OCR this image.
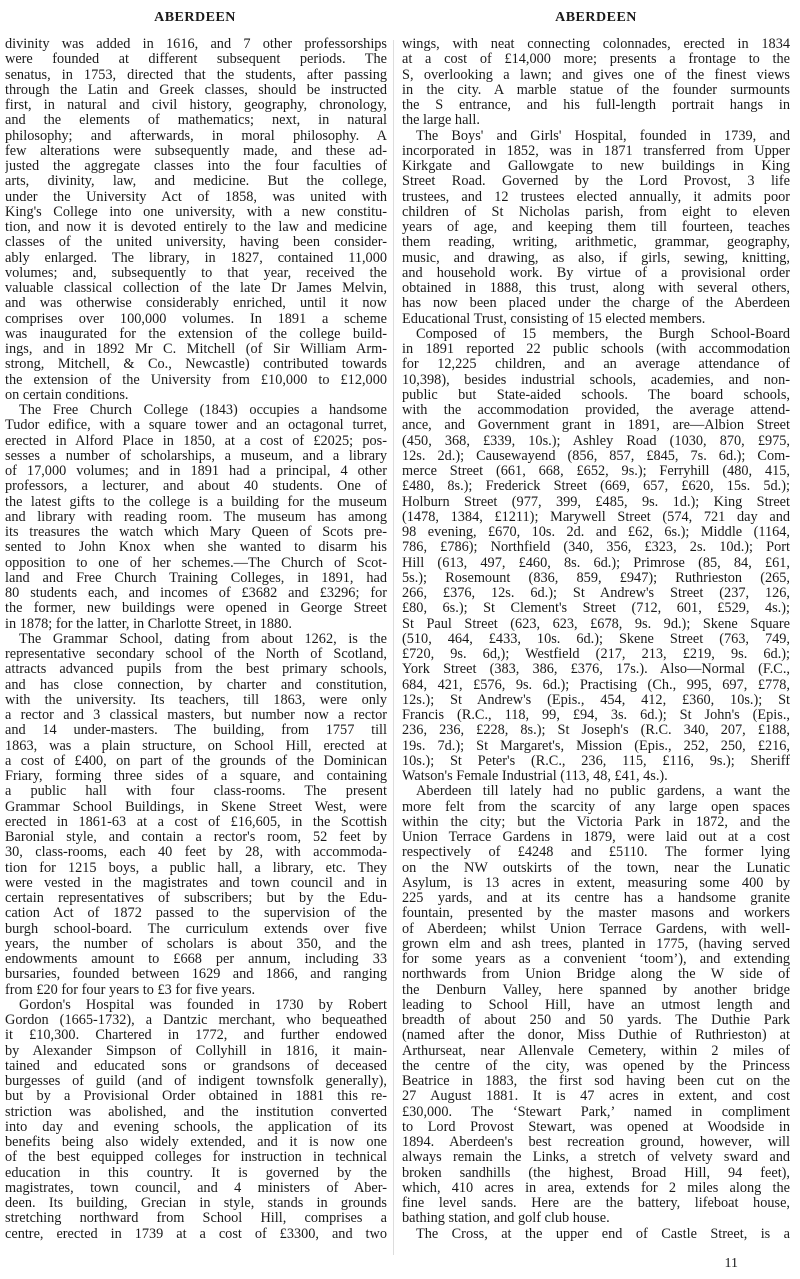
ABERDEEN	ABERDEEN
divinity was added in 1616, and 7 other professorships
were founded at different subsequent periods. The
senatus, in 1753, directed that the students, after passing
through the Latin and Greek classes, should be instructed
first, in natural and civil history, geography, chronology,
and the elements of mathematics; next, in natural
philosophy; and afterwards, in moral philosophy. A
few alterations were subsequently made, and these ad-
justed the aggregate classes into the four faculties of
arts, divinity, law, and medicine. But the college,
under the University Act of 1858, was united with
King's College into one university, with a new constitu-
tion, and now it is devoted entirely to the law and medicine
classes of the united university, having been consider-
ably enlarged. The library, in 1827, contained 11,000
volumes; and, subsequently to that year, received the
valuable classical collection of the late Dr James Melvin,
and was otherwise considerably enriched, until it now
comprises over 100,000 volumes. In 1891 a scheme
was inaugurated for the extension of the college build-
ings, and in 1892 Mr C. Mitchell (of Sir William Arm-
strong, Mitchell, & Co., Newcastle) contributed towards
the extension of the University from £10,000 to £12,000
on certain conditions.
The Free Church College (1843) occupies a handsome
Tudor edifice, with a square tower and an octagonal turret,
erected in Alford Place in 1850, at a cost of £2025; pos-
sesses a number of scholarships, a museum, and a library
of 17,000 volumes; and in 1891 had a principal, 4 other
professors, a lecturer, and about 40 students. One of
the latest gifts to the college is a building for the museum
and library with reading room. The museum has among
its treasures the watch which Mary Queen of Scots pre-
sented to John Knox when she wanted to disarm his
opposition to one of her schemes.—The Church of Scot-
land and Free Church Training Colleges, in 1891, had
80 students each, and incomes of £3682 and £3296; for
the former, new buildings were opened in George Street
in 1878; for the latter, in Charlotte Street, in 1880.
The Grammar School, dating from about 1262, is the
representative secondary school of the North of Scotland,
attracts advanced pupils from the best primary schools,
and has close connection, by charter and constitution,
with the university. Its teachers, till 1863, were only
a rector and 3 classical masters, but number now a rector
and 14 under-masters. The building, from 1757 till
1863, was a plain structure, on School Hill, erected at
a cost of £400, on part of the grounds of the Dominican
Friary, forming three sides of a square, and containing
a public hall with four class-rooms. The present
Grammar School Buildings, in Skene Street West, were
erected in 1861-63 at a cost of £16,605, in the Scottish
Baronial style, and contain a rector's room, 52 feet by
30, class-rooms, each 40 feet by 28, with accommoda-
tion for 1215 boys, a public hall, a library, etc. They
were vested in the magistrates and town council and in
certain representatives of subscribers; but by the Edu-
cation Act of 1872 passed to the supervision of the
burgh school-board. The curriculum extends over five
years, the number of scholars is about 350, and the
endowments amount to £668 per annum, including 33
bursaries, founded between 1629 and 1866, and ranging
from £20 for four years to £3 for five years.
Gordon's Hospital was founded in 1730 by Robert
Gordon (1665-1732), a Dantzic merchant, who bequeathed
it £10,300. Chartered in 1772, and further endowed
by Alexander Simpson of Collyhill in 1816, it main-
tained and educated sons or grandsons of deceased
burgesses of guild (and of indigent townsfolk generally),
but by a Provisional Order obtained in 1881 this re-
striction was abolished, and the institution converted
into day and evening schools, the application of its
benefits being also widely extended, and it is now one
of the best equipped colleges for instruction in technical
education in this country. It is governed by the
magistrates, town council, and 4 ministers of Aber-
deen. Its building, Grecian in style, stands in grounds
stretching northward from School Hill, comprises a
centre, erected in 1739 at a cost of £3300, and two
wings, with neat connecting colonnades, erected in 1834
at a cost of £14,000 more; presents a frontage to the
S, overlooking a lawn; and gives one of the finest views
in the city. A marble statue of the founder surmounts
the S entrance, and his full-length portrait hangs in
the large hall.
The Boys' and Girls' Hospital, founded in 1739, and
incorporated in 1852, was in 1871 transferred from Upper
Kirkgate and Gallowgate to new buildings in King
Street Road. Governed by the Lord Provost, 3 life
trustees, and 12 trustees elected annually, it admits poor
children of St Nicholas parish, from eight to eleven
years of age, and keeping them till fourteen, teaches
them reading, writing, arithmetic, grammar, geography,
music, and drawing, as also, if girls, sewing, knitting,
and household work. By virtue of a provisional order
obtained in 1888, this trust, along with several others,
has now been placed under the charge of the Aberdeen
Educational Trust, consisting of 15 elected members.
Composed of 15 members, the Burgh School-Board
in 1891 reported 22 public schools (with accommodation
for 12,225 children, and an average attendance of
10,398), besides industrial schools, academies, and non-
public but State-aided schools. The board schools,
with the accommodation provided, the average attend-
ance, and Government grant in 1891, are—Albion Street
(450, 368, £339, 10s.); Ashley Road (1030, 870, £975,
12s. 2d.); Causewayend (856, 857, £845, 7s. 6d.); Com-
merce Street (661, 668, £652, 9s.); Ferryhill (480, 415,
£480, 8s.); Frederick Street (669, 657, £620, 15s. 5d.);
Holburn Street (977, 399, £485, 9s. 1d.); King Street
(1478, 1384, £1211); Marywell Street (574, 721 day and
98 evening, £670, 10s. 2d. and £62, 6s.); Middle (1164,
786, £786); Northfield (340, 356, £323, 2s. 10d.); Port
Hill (613, 497, £460, 8s. 6d.); Primrose (85, 84, £61,
5s.); Rosemount (836, 859, £947); Ruthrieston (265,
266, £376, 12s. 6d.); St Andrew's Street (237, 126,
£80, 6s.); St Clement's Street (712, 601, £529, 4s.);
St Paul Street (623, 623, £678, 9s. 9d.); Skene Square
(510, 464, £433, 10s. 6d.); Skene Street (763, 749,
£720, 9s. 6d,); Westfield (217, 213, £219, 9s. 6d.);
York Street (383, 386, £376, 17s.). Also—Normal (F.C.,
684, 421, £576, 9s. 6d.); Practising (Ch., 995, 697, £778,
12s.); St Andrew's (Epis., 454, 412, £360, 10s.); St
Francis (R.C., 118, 99, £94, 3s. 6d.); St John's (Epis.,
236, 236, £228, 8s.); St Joseph's (R.C. 340, 207, £188,
19s. 7d.); St Margaret's, Mission (Epis., 252, 250, £216,
10s.); St Peter's (R.C., 236, 115, £116, 9s.); Sheriff
Watson's Female Industrial (113, 48, £41, 4s.).
Aberdeen till lately had no public gardens, a want the
more felt from the scarcity of any large open spaces
within the city; but the Victoria Park in 1872, and the
Union Terrace Gardens in 1879, were laid out at a cost
respectively of £4248 and £5110. The former lying
on the NW outskirts of the town, near the Lunatic
Asylum, is 13 acres in extent, measuring some 400 by
225 yards, and at its centre has a handsome granite
fountain, presented by the master masons and workers
of Aberdeen; whilst Union Terrace Gardens, with well-
grown elm and ash trees, planted in 1775, (having served
for some years as a convenient ‘toom’), and extending
northwards from Union Bridge along the W side of
the Denburn Valley, here spanned by another bridge
leading to School Hill, have an utmost length and
breadth of about 250 and 50 yards. The Duthie Park
(named after the donor, Miss Duthie of Ruthrieston) at
Arthurseat, near Allenvale Cemetery, within 2 miles of
the centre of the city, was opened by the Princess
Beatrice in 1883, the first sod having been cut on the
27 August 1881. It is 47 acres in extent, and cost
£30,000. The ‘Stewart Park,’ named in compliment
to Lord Provost Stewart, was opened at Woodside in
1894. Aberdeen's best recreation ground, however, will
always remain the Links, a stretch of velvety sward and
broken sandhills (the highest, Broad Hill, 94 feet),
which, 410 acres in area, extends for 2 miles along the
fine level sands. Here are the battery, lifeboat house,
bathing station, and golf club house.
The Cross, at the upper end of Castle Street, is a
11
